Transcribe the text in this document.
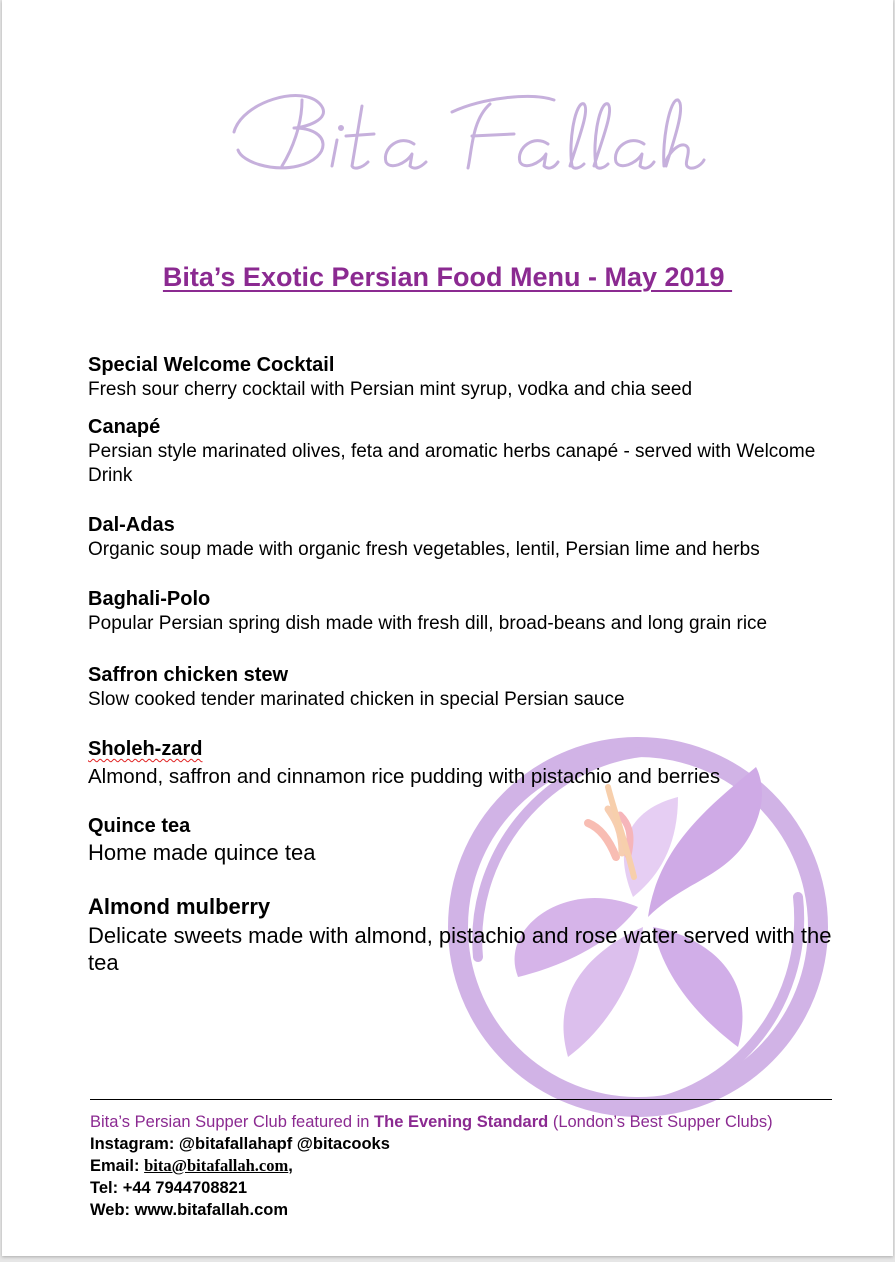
Bita’s Exotic Persian Food Menu - May 2019

Special Welcome Cocktail

Fresh sour cherry cocktail with Persian mint syrup, vodka and chia seed

Canapé

Persian style marinated olives, feta and aromatic herbs canapé - served with Welcome Drink

Dal-Adas

Organic soup made with organic fresh vegetables, lentil, Persian lime and herbs

Baghali-Polo

Popular Persian spring dish made with fresh dill, broad-beans and long grain rice

Saffron chicken stew

Slow cooked tender marinated chicken in special Persian sauce

Sholeh-zard

Almond, saffron and cinnamon rice pudding with pistachio and berries

Quince tea

Home made quince tea

Almond mulberry

Delicate sweets made with almond, pistachio and rose water served with the tea

Bita’s Persian Supper Club featured in The Evening Standard (London’s Best Supper Clubs)
Instagram: @bitafallahapf @bitacooks
Email: bita@bitafallah.com,
Tel: +44 7944708821
Web: www.bitafallah.com
